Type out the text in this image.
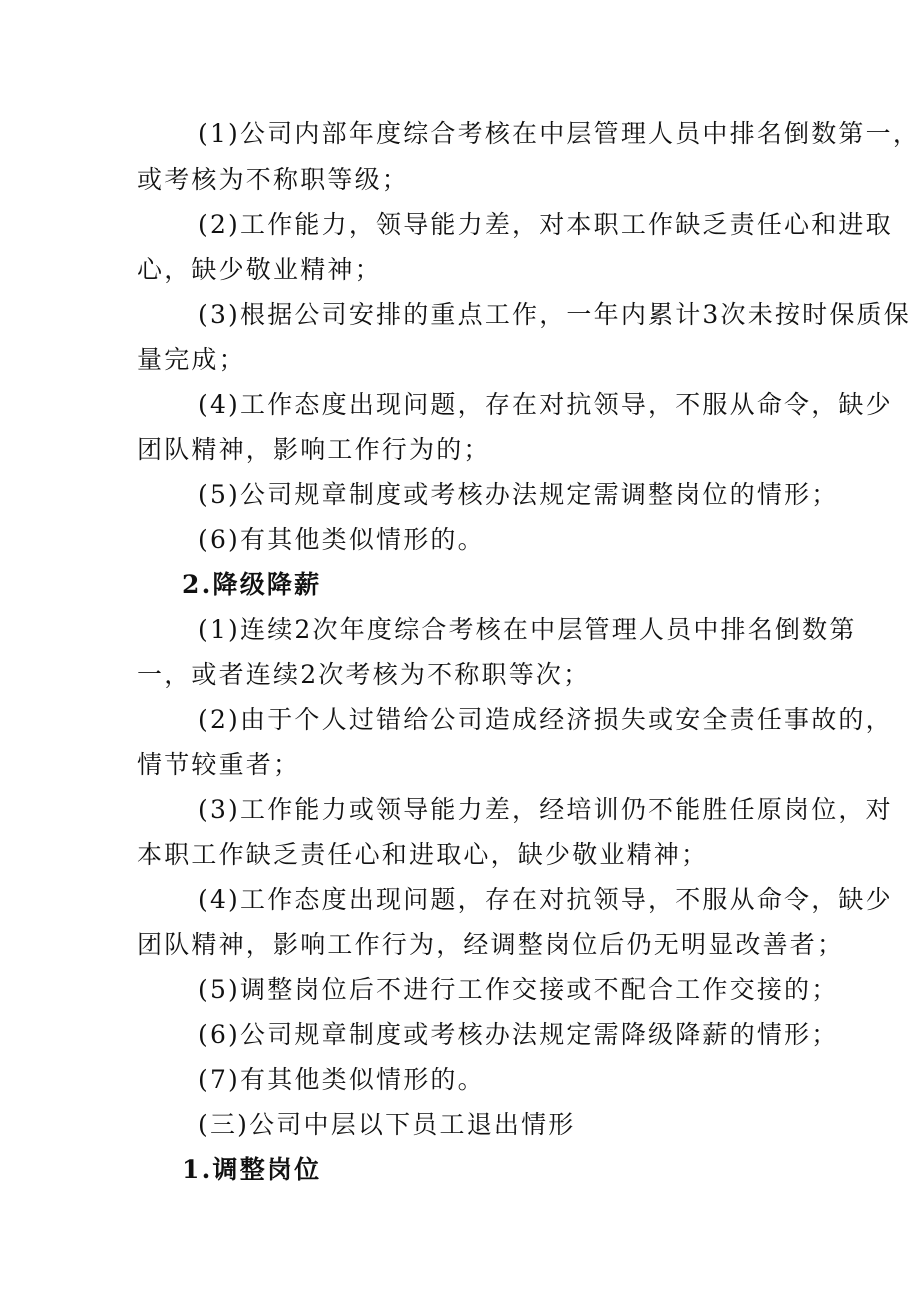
(1)公司内部年度综合考核在中层管理人员中排名倒数第一，
或考核为不称职等级；
(2)工作能力，领导能力差，对本职工作缺乏责任心和进取
心，缺少敬业精神；
(3)根据公司安排的重点工作，一年内累计3次未按时保质保
量完成；
(4)工作态度出现问题，存在对抗领导，不服从命令，缺少
团队精神，影响工作行为的；
(5)公司规章制度或考核办法规定需调整岗位的情形；
(6)有其他类似情形的。
2.降级降薪
(1)连续2次年度综合考核在中层管理人员中排名倒数第
一，或者连续2次考核为不称职等次；
(2)由于个人过错给公司造成经济损失或安全责任事故的，
情节较重者；
(3)工作能力或领导能力差，经培训仍不能胜任原岗位，对
本职工作缺乏责任心和进取心，缺少敬业精神；
(4)工作态度出现问题，存在对抗领导，不服从命令，缺少
团队精神，影响工作行为，经调整岗位后仍无明显改善者；
(5)调整岗位后不进行工作交接或不配合工作交接的；
(6)公司规章制度或考核办法规定需降级降薪的情形；
(7)有其他类似情形的。
(三)公司中层以下员工退出情形
1.调整岗位
